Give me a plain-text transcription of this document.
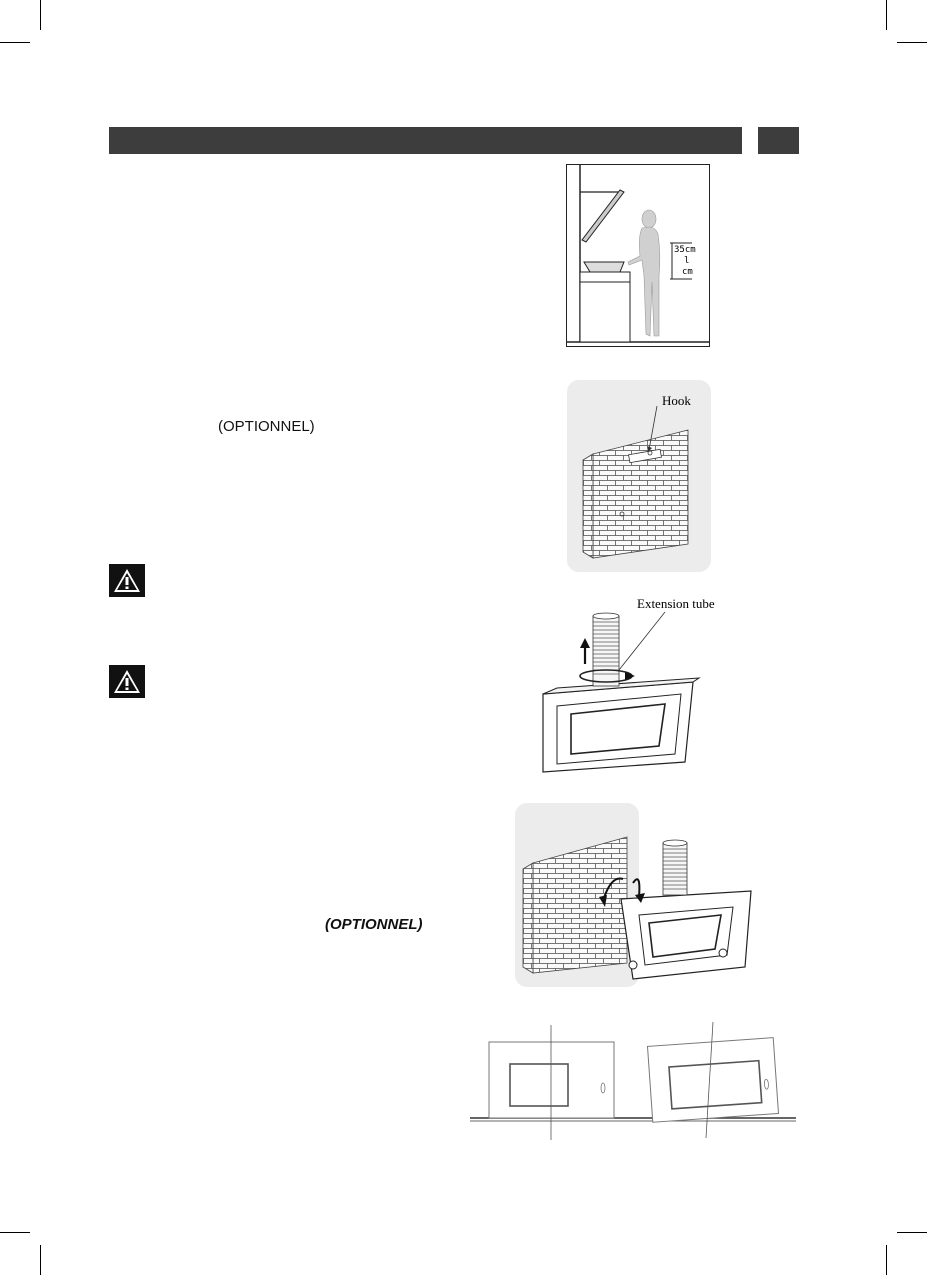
(OPTIONNEL)
(OPTIONNEL)
35cm
l
cm
Hook
Extension tube
